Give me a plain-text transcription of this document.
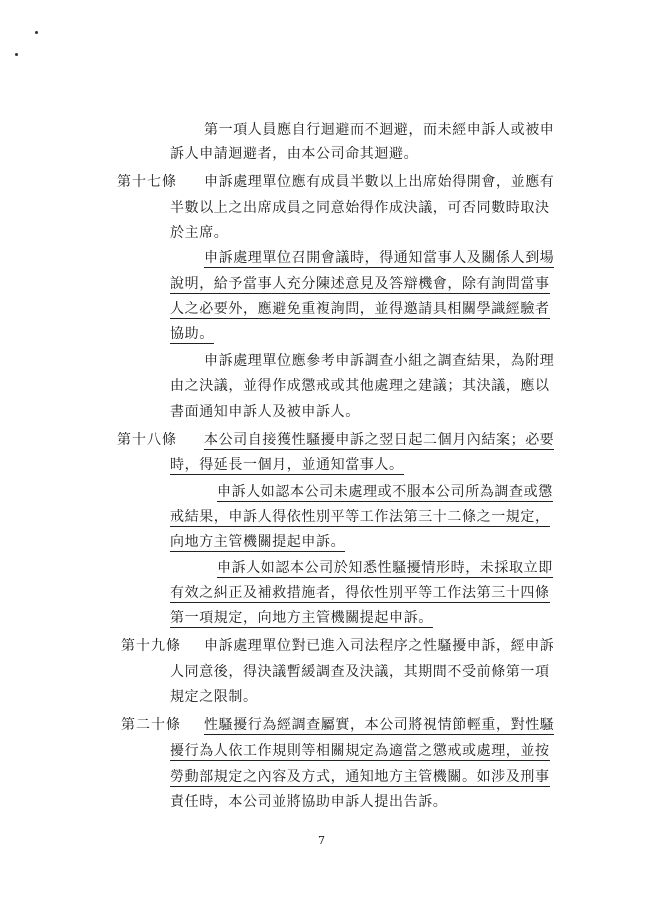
第一項人員應自行迴避而不迴避，而未經申訴人或被申
訴人申請迴避者，由本公司命其迴避。
第十七條 申訴處理單位應有成員半數以上出席始得開會，並應有
半數以上之出席成員之同意始得作成決議，可否同數時取決
於主席。
申訴處理單位召開會議時，得通知當事人及關係人到場
說明，給予當事人充分陳述意見及答辯機會，除有詢問當事
人之必要外，應避免重複詢問，並得邀請具相關學識經驗者
協助。
申訴處理單位應參考申訴調查小組之調查結果，為附理
由之決議，並得作成懲戒或其他處理之建議；其決議，應以
書面通知申訴人及被申訴人。
第十八條 本公司自接獲性騷擾申訴之翌日起二個月內結案；必要
時，得延長一個月，並通知當事人。
申訴人如認本公司未處理或不服本公司所為調查或懲
戒結果，申訴人得依性別平等工作法第三十二條之一規定，
向地方主管機關提起申訴。
申訴人如認本公司於知悉性騷擾情形時，未採取立即
有效之糾正及補救措施者，得依性別平等工作法第三十四條
第一項規定，向地方主管機關提起申訴。
第十九條 申訴處理單位對已進入司法程序之性騷擾申訴，經申訴
人同意後，得決議暫緩調查及決議，其期間不受前條第一項
規定之限制。
第二十條 性騷擾行為經調查屬實，本公司將視情節輕重，對性騷
擾行為人依工作規則等相關規定為適當之懲戒或處理，並按
勞動部規定之內容及方式，通知地方主管機關。如涉及刑事
責任時，本公司並將協助申訴人提出告訴。
7
